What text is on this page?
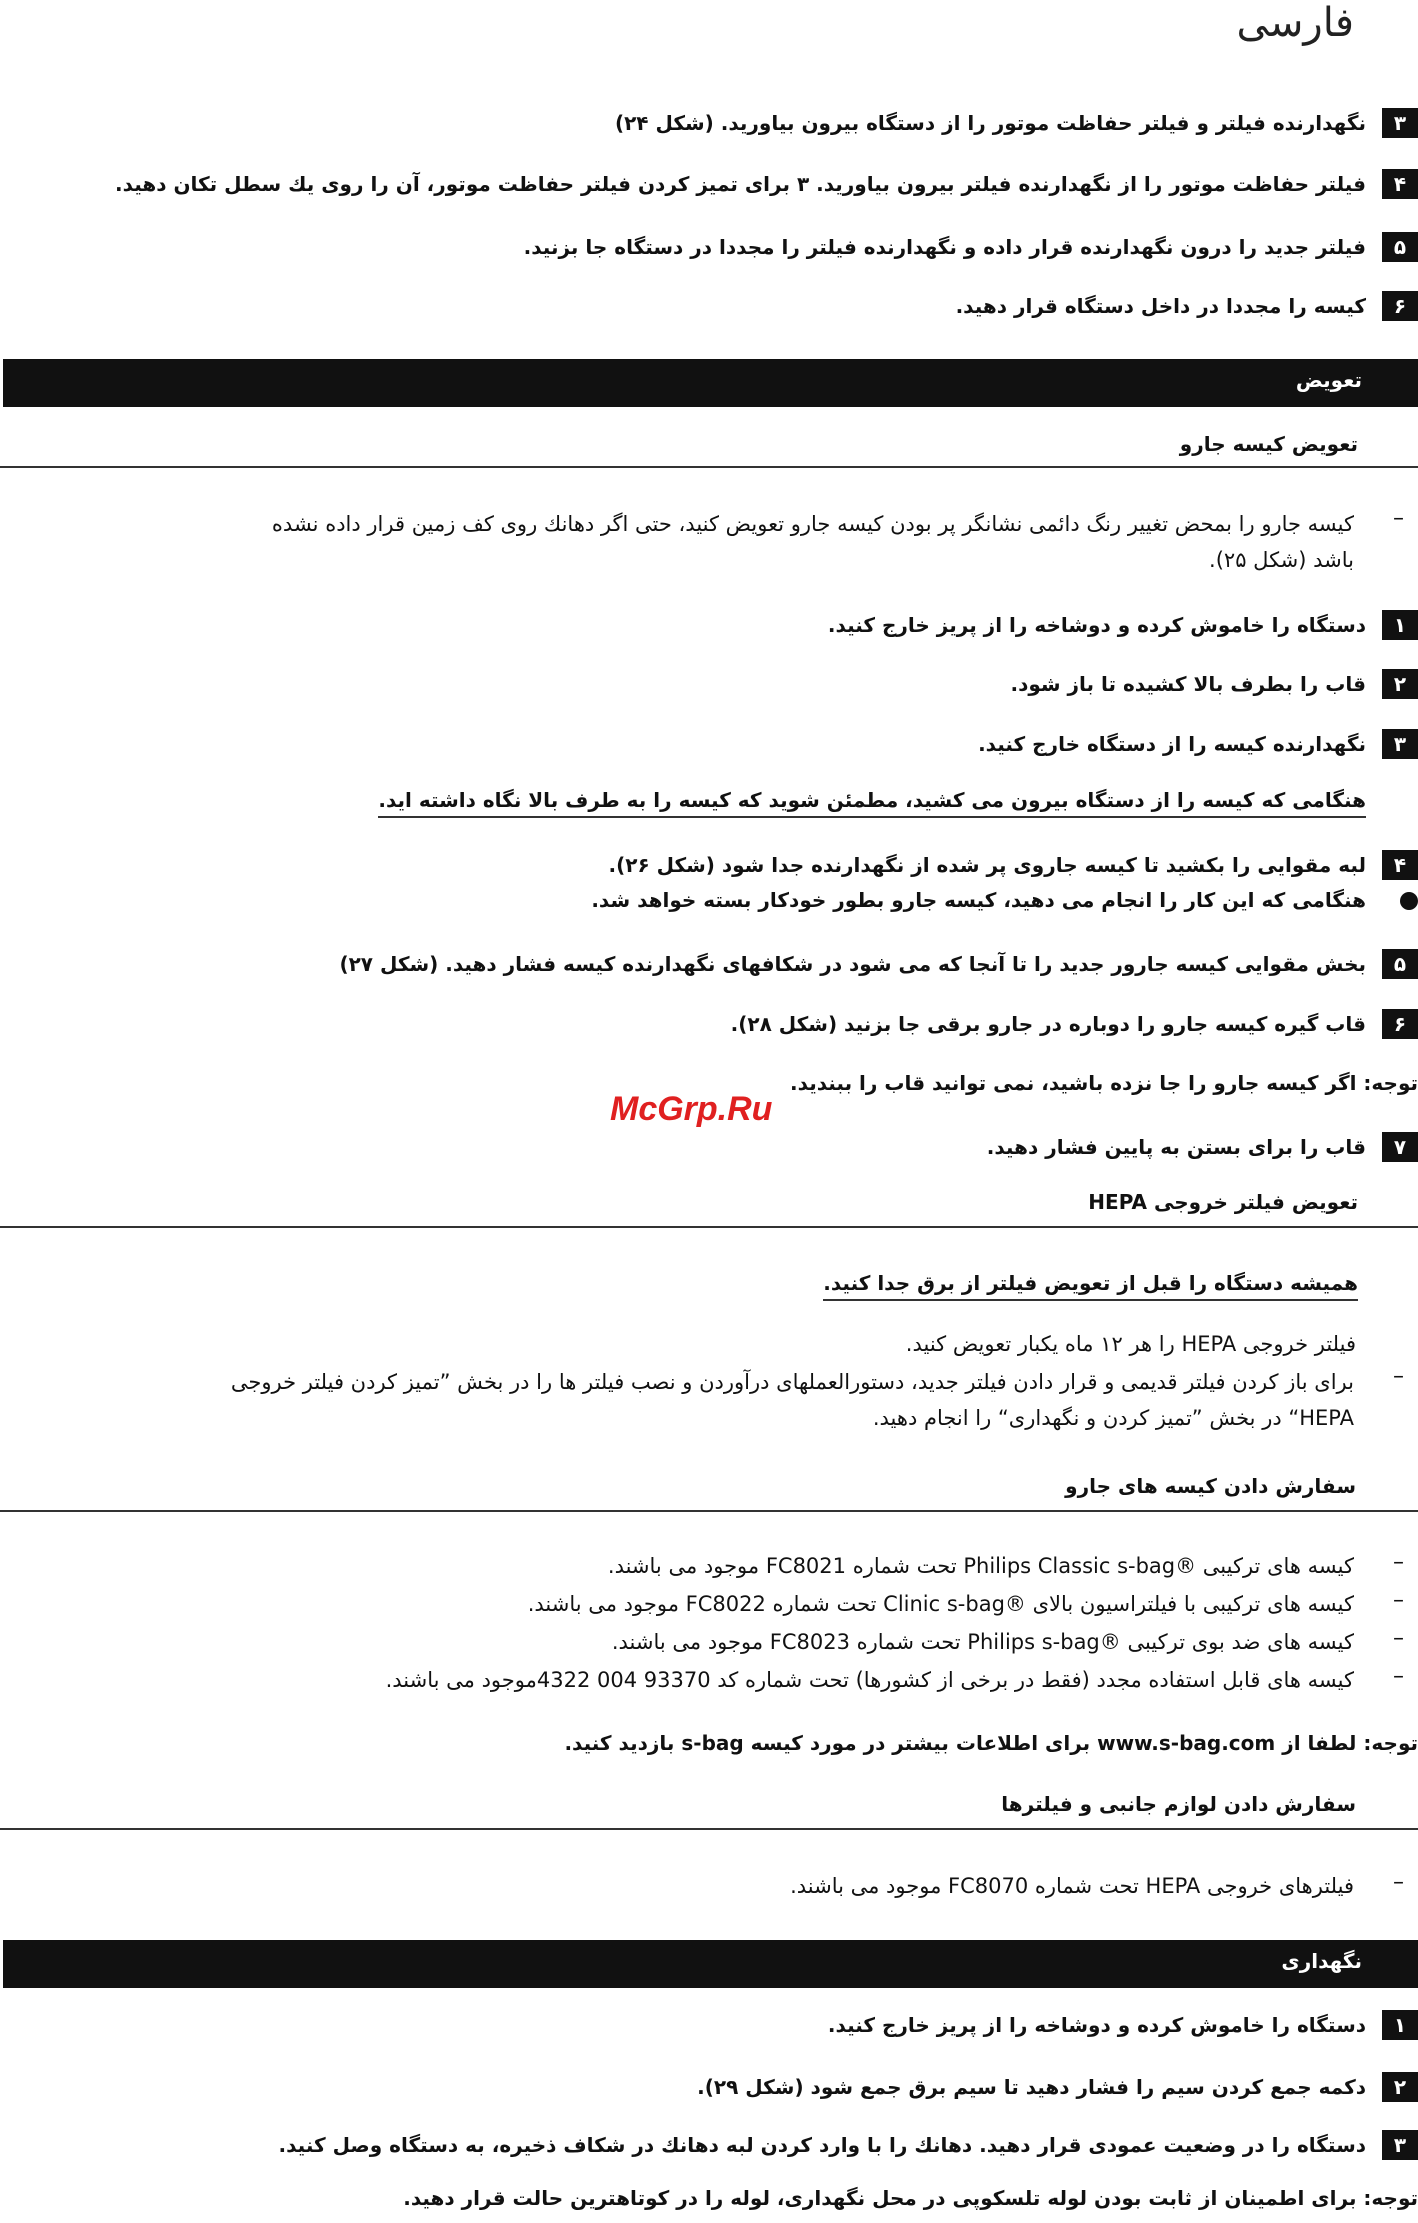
فارسی
۳
نگهدارنده فیلتر و فیلتر حفاظت موتور را از دستگاه بیرون بیاورید. (شکل ۲۴)
۴
فیلتر حفاظت موتور را از نگهدارنده فیلتر بیرون بیاورید. ۳ برای تمیز کردن فیلتر حفاظت موتور، آن را روی یك سطل تکان دهید.
۵
فیلتر جدید را درون نگهدارنده قرار داده و نگهدارنده فیلتر را مجددا در دستگاه جا بزنید.
۶
کیسه را مجددا در داخل دستگاه قرار دهید.
تعویض
تعویض کیسه جارو
–
کیسه جارو را بمحض تغییر رنگ دائمی نشانگر پر بودن کیسه جارو تعویض کنید، حتی اگر دهانك روی کف زمین قرار داده نشده
باشد (شکل ۲۵).
۱
دستگاه را خاموش کرده و دوشاخه را از پریز خارج کنید.
۲
قاب را بطرف بالا کشیده تا باز شود.
۳
نگهدارنده کیسه را از دستگاه خارج کنید.
هنگامی که کیسه را از دستگاه بیرون می کشید، مطمئن شوید که کیسه را به طرف بالا نگاه داشته اید.
۴
لبه مقوایی را بکشید تا کیسه جاروی پر شده از نگهدارنده جدا شود (شکل ۲۶).
هنگامی که این کار را انجام می دهید، کیسه جارو بطور خودکار بسته خواهد شد.
۵
بخش مقوایی کیسه جارور جدید را تا آنجا که می شود در شکافهای نگهدارنده کیسه فشار دهید. (شکل ۲۷)
۶
قاب گیره کیسه جارو را دوباره در جارو برقی جا بزنید (شکل ۲۸).
توجه: اگر کیسه جارو را جا نزده باشید، نمی توانید قاب را ببندید.
McGrp.Ru
۷
قاب را برای بستن به پایین فشار دهید.
تعویض فیلتر خروجی HEPA
همیشه دستگاه را قبل از تعویض فیلتر از برق جدا کنید.
فیلتر خروجی HEPA را هر ۱۲ ماه یکبار تعویض کنید.
–
برای باز کردن فیلتر قدیمی و قرار دادن فیلتر جدید، دستورالعملهای درآوردن و نصب فیلتر ها را در بخش ”تمیز کردن فیلتر خروجی
HEPA“ در بخش ”تمیز کردن و نگهداری“ را انجام دهید.
سفارش دادن کیسه های جارو
–
کیسه های ترکیبی ®Philips Classic s-bag تحت شماره FC8021 موجود می باشند.
–
کیسه های ترکیبی با فیلتراسیون بالای ®Clinic s-bag تحت شماره FC8022 موجود می باشند.
–
کیسه های ضد بوی ترکیبی ®Philips s-bag تحت شماره FC8023 موجود می باشند.
–
کیسه های قابل استفاده مجدد (فقط در برخی از کشورها) تحت شماره کد 93370 004 4322موجود می باشند.
توجه: لطفا از www.s-bag.com برای اطلاعات بیشتر در مورد کیسه s-bag بازدید کنید.
سفارش دادن لوازم جانبی و فیلترها
–
فیلترهای خروجی HEPA تحت شماره FC8070 موجود می باشند.
نگهداری
۱
دستگاه را خاموش کرده و دوشاخه را از پریز خارج کنید.
۲
دکمه جمع کردن سیم را فشار دهید تا سیم برق جمع شود (شکل ۲۹).
۳
دستگاه را در وضعیت عمودی قرار دهید. دهانك را با وارد کردن لبه دهانك در شکاف ذخیره، به دستگاه وصل کنید.
توجه: برای اطمینان از ثابت بودن لوله تلسکوپی در محل نگهداری، لوله را در کوتاهترین حالت قرار دهید.
